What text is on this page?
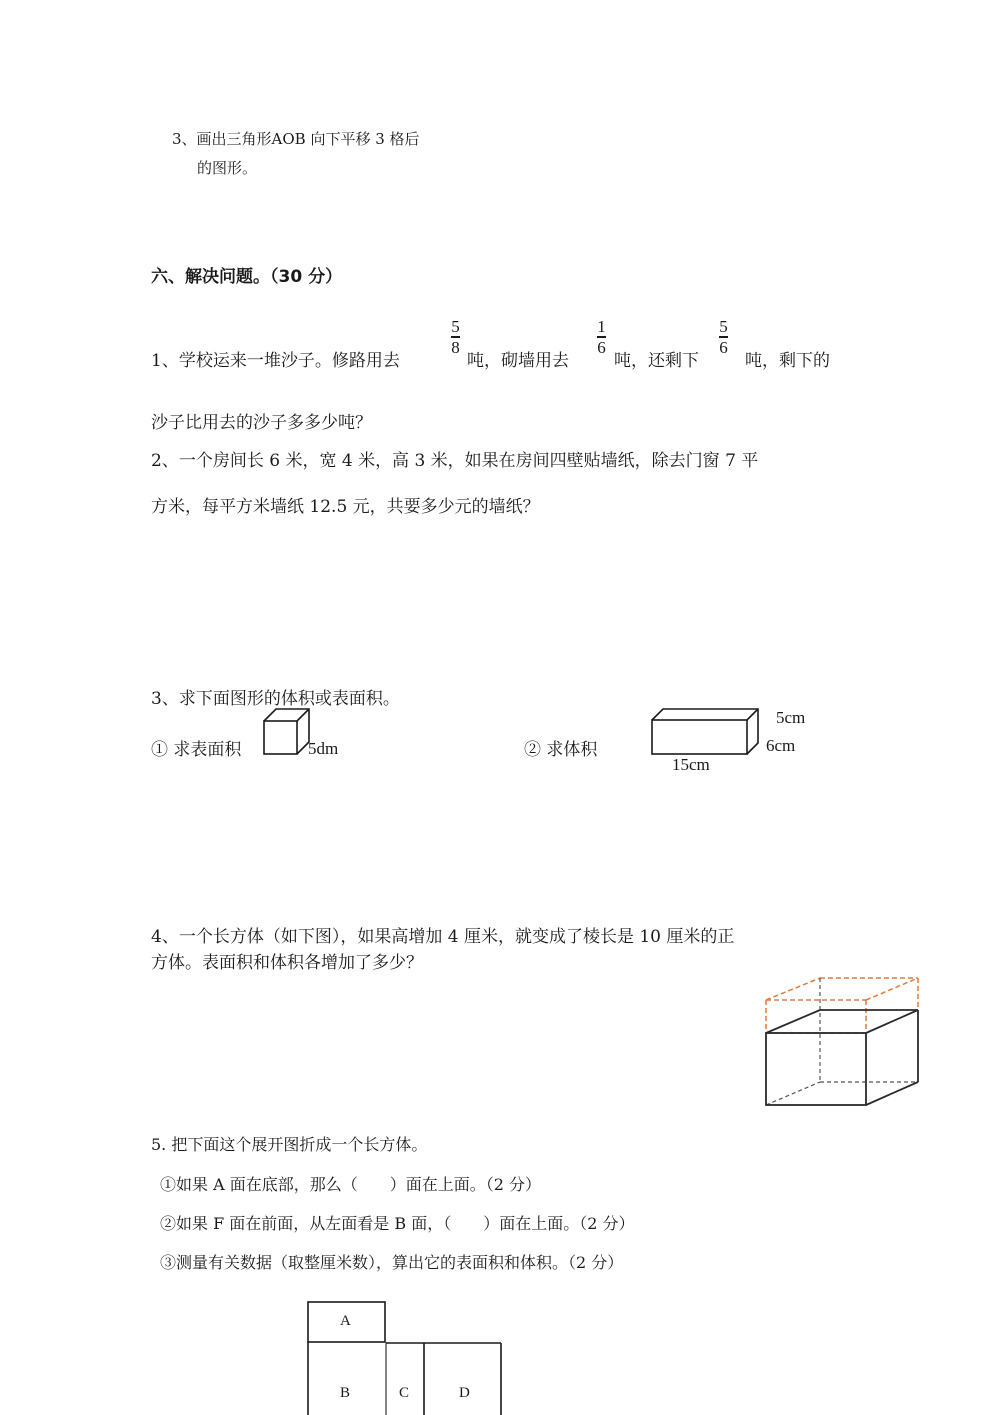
3、画出三角形AOB 向下平移 3 格后
的图形。
六、解决问题。（30 分）
1、学校运来一堆沙子。修路用去
5
8
吨，砌墙用去
1
6
吨，还剩下
5
6
吨，剩下的
沙子比用去的沙子多多少吨？
2、一个房间长 6 米，宽 4 米，高 3 米，如果在房间四壁贴墙纸，除去门窗 7 平
方米，每平方米墙纸 12.5 元，共要多少元的墙纸？
3、求下面图形的体积或表面积。
① 求表面积	5dm	② 求体积
5cm
6cm
15cm
4、一个长方体（如下图），如果高增加 4 厘米，就变成了棱长是 10 厘米的正
方体。表面积和体积各增加了多少？
5. 把下面这个展开图折成一个长方体。
①如果 A 面在底部，那么（　　）面在上面。（2 分）
②如果 F 面在前面，从左面看是 B 面，（　　）面在上面。（2 分）
③测量有关数据（取整厘米数），算出它的表面积和体积。（2 分）
A
B	C	D
